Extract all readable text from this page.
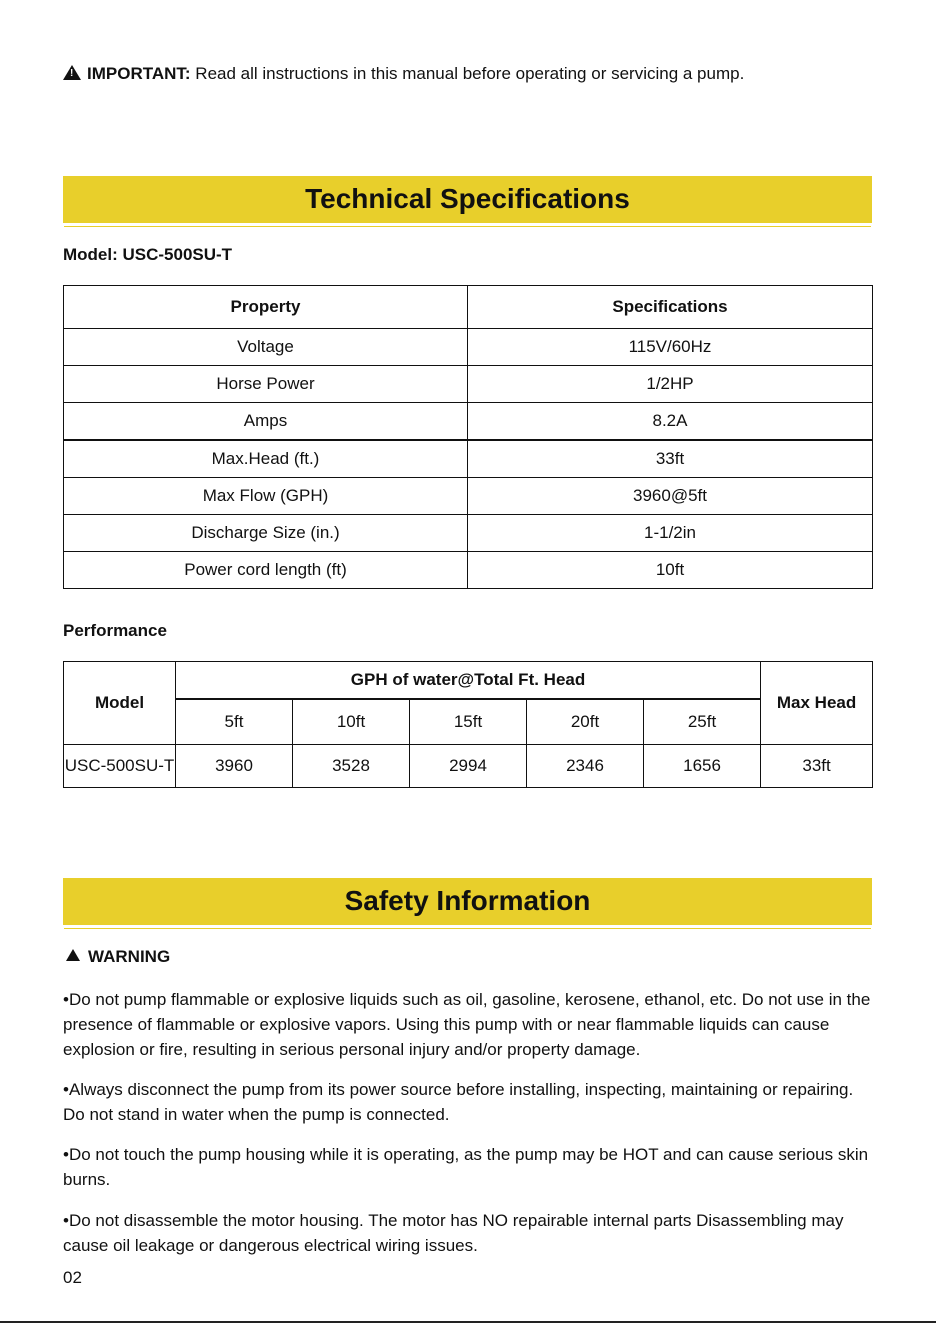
!IMPORTANT: Read all instructions in this manual before operating or servicing a pump.
Technical Specifications
Model: USC-500SU-T
Property	Specifications
Voltage	115V/60Hz
Horse Power	1/2HP
Amps	8.2A
Max.Head (ft.)	33ft
Max Flow (GPH)	3960@5ft
Discharge Size (in.)	1-1/2in
Power cord length (ft)	10ft
Performance
Model	GPH of water@Total Ft. Head					Max Head
	5ft	10ft	15ft	20ft	25ft	
USC-500SU-T	3960	3528	2994	2346	1656	33ft
Safety Information
WARNING
•Do not pump flammable or explosive liquids such as oil, gasoline, kerosene, ethanol, etc. Do not use in the presence of flammable or explosive vapors. Using this pump with or near flammable liquids can cause explosion or fire, resulting in serious personal injury and/or property damage.
•Always disconnect the pump from its power source before installing, inspecting, maintaining or repairing. Do not stand in water when the pump is connected.
•Do not touch the pump housing while it is operating, as the pump may be HOT and can cause serious skin burns.
•Do not disassemble the motor housing. The motor has NO repairable internal parts Disassembling may cause oil leakage or dangerous electrical wiring issues.
02
